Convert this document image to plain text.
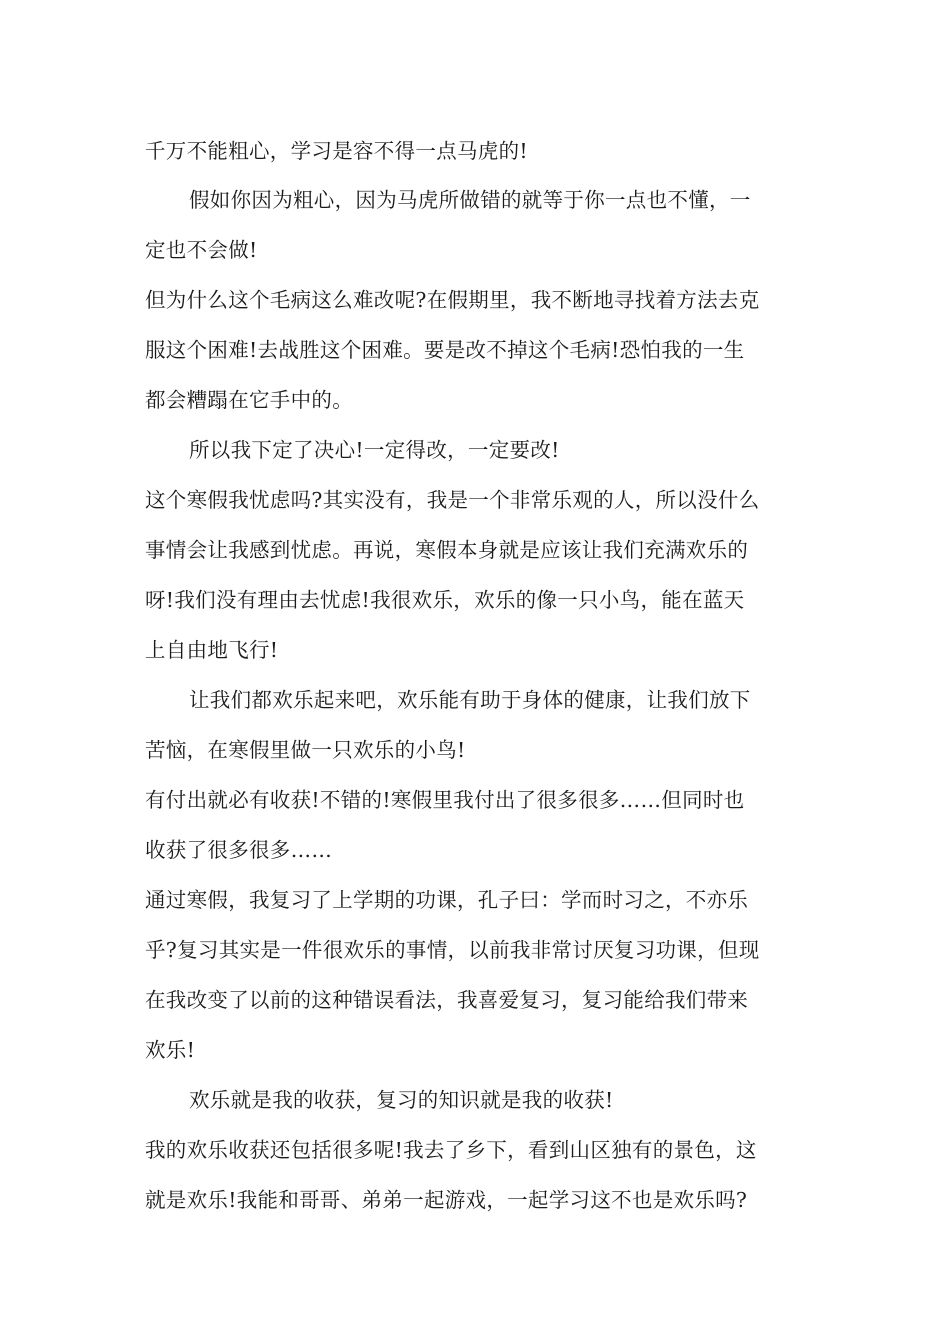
千万不能粗心，学习是容不得一点马虎的!

假如你因为粗心，因为马虎所做错的就等于你一点也不懂，一

定也不会做!

但为什么这个毛病这么难改呢?在假期里，我不断地寻找着方法去克

服这个困难!去战胜这个困难。要是改不掉这个毛病!恐怕我的一生

都会糟蹋在它手中的。

所以我下定了决心!一定得改，一定要改!

这个寒假我忧虑吗?其实没有，我是一个非常乐观的人，所以没什么

事情会让我感到忧虑。再说，寒假本身就是应该让我们充满欢乐的

呀!我们没有理由去忧虑!我很欢乐，欢乐的像一只小鸟，能在蓝天

上自由地飞行!

让我们都欢乐起来吧，欢乐能有助于身体的健康，让我们放下

苦恼，在寒假里做一只欢乐的小鸟!

有付出就必有收获!不错的!寒假里我付出了很多很多……但同时也

收获了很多很多……

通过寒假，我复习了上学期的功课，孔子曰：学而时习之，不亦乐

乎?复习其实是一件很欢乐的事情，以前我非常讨厌复习功课，但现

在我改变了以前的这种错误看法，我喜爱复习，复习能给我们带来

欢乐!

欢乐就是我的收获，复习的知识就是我的收获!

我的欢乐收获还包括很多呢!我去了乡下，看到山区独有的景色，这

就是欢乐!我能和哥哥、弟弟一起游戏，一起学习这不也是欢乐吗?
